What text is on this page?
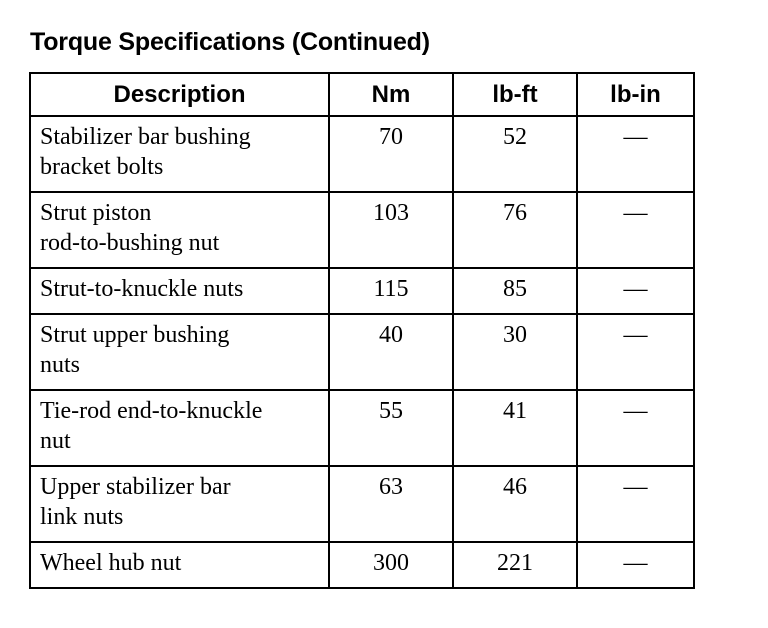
Torque Specifications (Continued)
Description	Nm	lb-ft	lb-in
Stabilizer bar bushing
bracket bolts	70	52	—
Strut piston
rod-to-bushing nut	103	76	—
Strut-to-knuckle nuts	115	85	—
Strut upper bushing
nuts	40	30	—
Tie-rod end-to-knuckle
nut	55	41	—
Upper stabilizer bar
link nuts	63	46	—
Wheel hub nut	300	221	—
